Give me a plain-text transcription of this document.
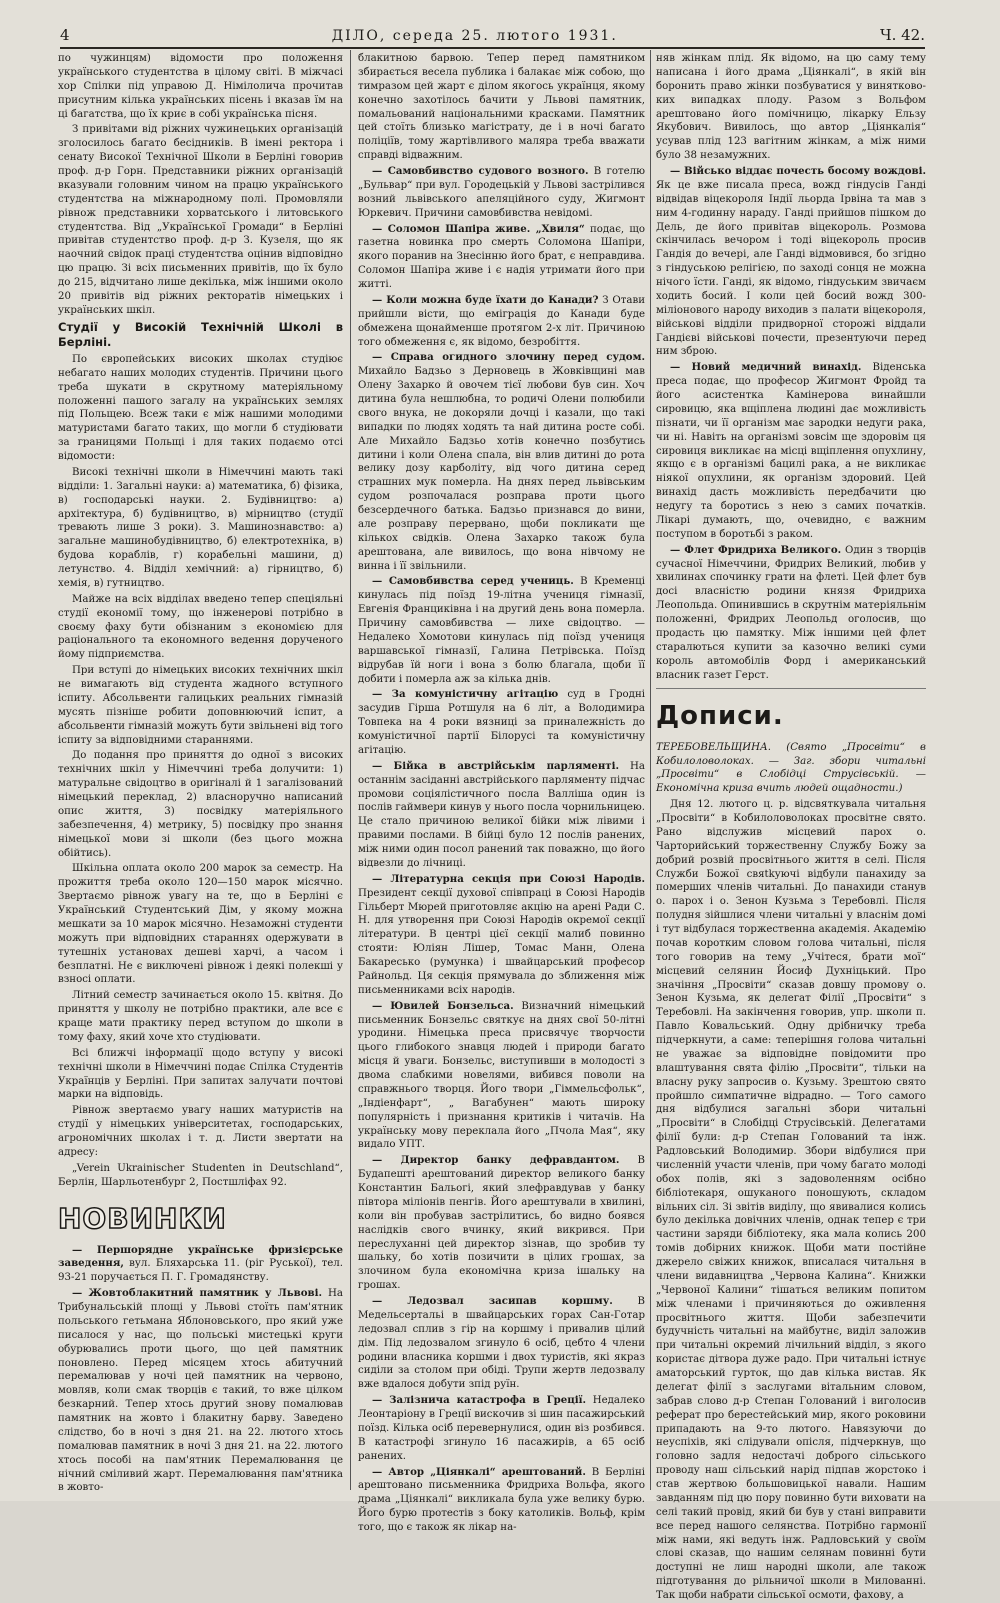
4	ДІЛО, середа 25. лютого 1931.	Ч. 42.

по чужинцям) відомости про положення українського студентства в цілому світі. В міжчасі хор Спілки під управою Д. Німілолича прочитав присутним кілька українських пісень і вказав їм на ці багатства, що їх криє в собі українська пісня.

З привітами від ріжних чужинецьких організацій зголосилось багато бесідників. В імені ректора і сенату Високої Технічної Школи в Берліні говорив проф. д-р Горн. Представники ріжних організацій вказували головним чином на працю українського студентства на міжнародному полі. Промовляли рівнож представники хорватського і литовського студентства. Від „Української Громади“ в Берліні привітав студентство проф. д-р З. Кузеля, що як наочний свідок праці студентства оцінив відповідно цю працю. Зі всіх письменних привітів, що їх було до 215, відчитано лише декілька, між іншими около 20 привітів від ріжних ректоратів німецьких і українських шкіл.

Студії у Високій Технічній Школі в Берліні.

По європейських високих школах студіює небагато наших молодих студентів. Причини цього треба шукати в скрутному матеріяльному положенні пашого загалу на українських землях під Польщею. Всеж таки є між нашими молодими матуристами багато таких, що могли б студіювати за границями Польщі і для таких подаємо отсі відомости:

Високі технічні школи в Німеччині мають такі відділи: 1. Загальні науки: а) математика, б) фізика, в) господарські науки. 2. Будівництво: а) архітектура, б) будівництво, в) мірництво (студії тревають лише 3 роки). 3. Машинознавство: а) загальне машинобудівництво, б) електротехніка, в) будова кораблів, г) корабельні машини, д) летунство. 4. Відділ хемічний: а) гірництво, б) хемія, в) гутництво.

Майже на всіх відділах введено тепер спеціяльні студії економії тому, що інженерові потрібно в своєму фаху бути обізнаним з економією для раціонального та економного ведення дорученого йому підприємства.

При вступі до німецьких високих технічних шкіл не вимагають від студента жадного вступного іспиту. Абсольвенти галицьких реальних гімназій мусять пізніше робити доповнюючий іспит, а абсольвенти гімназій можуть бути звільнені від того іспиту за відповідними стараннями.

До подання про приняття до одної з високих технічних шкіл у Німеччині треба долучити: 1) матуральне свідоцтво в оригіналі й 1 загалізований німецький переклад, 2) власноручно написаний опис життя, 3) посвідку матеріяльного забезпечення, 4) метрику, 5) посвідку про знання німецької мови зі школи (без цього можна обійтись).

Шкільна оплата около 200 марок за семестр. На прожиття треба около 120—150 марок місячно. Звертаємо рівнож увагу на те, що в Берліні є Український Студентський Дім, у якому можна мешкати за 10 марок місячно. Незаможні студенти можуть при відповідних стараннях одержувати в тутешніх установах дешеві харчі, а часом і безплатні. Не є виключені рівнож і деякі полекші у взносі оплати.

Літний семестр зачинається около 15. квітня. До приняття у школу не потрібно практики, але все є краще мати практику перед вступом до школи в тому фаху, який хоче хто студіювати.

Всі ближчі інформації щодо вступу у високі технічні школи в Німеччині подає Спілка Студентів Українців у Берліні. При запитах залучати почтові марки на відповідь.

Рівнож звертаємо увагу наших матуристів на студії у німецьких університетах, господарських, агрономічних школах і т. д. Листи звертати на адресу:

„Verein Ukrainischer Studenten in Deutschland“, Берлін, Шарльотенбург 2, Постшліфах 92.

НОВИНКИ

— Першорядне українське фризієрське заведення, вул. Бляхарська 11. (ріг Руської), тел. 93-21 поручається П. Г. Громадянству.

— Жовтоблакитний памятник у Львові. На Трибунальській площі у Львові стоїть пам'ятник польського гетьмана Яблоновського, про який уже писалося у нас, що польські мистецькі круги обурювались проти цього, що цей памятник поновлено. Перед місяцем хтось абитучний перемалював у ночі цей памятник на червоно, мовляв, коли смак творців є такий, то вже цілком безкарний. Тепер хтось другий знову помалював памятник на жовто і блакитну барву. Заведено слідство, бо в ночі з дня 21. на 22. лютого хтось помалював памятник в ночі 3 дня 21. на 22. лютого хтось пособі на пам'ятник Перемалювання це нічний сміливий жарт. Перемалювання пам'ятника в жовто-

блакитною барвою. Тепер перед памятником збирається весела публика і балакає між собою, що тимразом цей жарт є ділом якогось українця, якому конечно захотілось бачити у Львові памятник, помальований національними красками. Памятник цей стоїть близько магістрату, де і в ночі багато поліціїв, тому жартівливого маляра треба вважати справді відважним.

— Самовбивство судового возного. В готелю „Бульвар“ при вул. Городецькій у Львові застрілився возний львівського апеляційного суду, Жигмонт Юркевич. Причини самовбивства невідомі.

— Соломон Шапіра живе. „Хвиля“ подає, що газетна новинка про смерть Соломона Шапіри, якого поранив на Знесінню його брат, є неправдива. Соломон Шапіра живе і є надія утримати його при житті.

— Коли можна буде їхати до Канади? З Отави прийшли вісти, що еміграція до Канади буде обмежена щонайменше протягом 2-х літ. Причиною того обмеження є, як відомо, безробіття.

— Справа огидного злочину перед судом. Михайло Бадзьо з Дерновець в Жовківщині мав Олену Захарко й овочем тієї любови був син. Хоч дитина була нешлюбна, то родичі Олени полюбили свого внука, не докоряли дочці і казали, що такі випадки по людях ходять та най дитина росте собі. Але Михайло Бадзьо хотів конечно позбутись дитини і коли Олена спала, він влив дитині до рота велику дозу карболіту, від чого дитина серед страшних мук померла. На днях перед львівським судом розпочалася розправа проти цього безсердечного батька. Бадзьо признався до вини, але розправу перервано, щоби покликати ще кількох свідків. Олена Захарко також була арештована, але вивилось, що вона нівчому не винна і її звільнили.

— Самовбивства серед учениць. В Кременці кинулась під поїзд 19-літна учениця гімназії, Евгенія Франциківна і на другий день вона померла. Причину самовбивства — лихе свідоцтво. — Недалеко Хомотови кинулась під поїзд учениця варшавської гімназії, Галина Петрівська. Поїзд відрубав їй ноги і вона з болю благала, щоби її добити і померла аж за кілька днів.

— За комуністичну агітацію суд в Гродні засудив Гірша Ротшуля на 6 літ, а Володимира Товпека на 4 роки вязниці за приналежність до комуністичної партії Білорусі та комуністичну агітацію.

— Бійка в австрійськім парляменті. На останнім засіданні австрійського парляменту підчас промови соціялістичного посла Валліша один із послів гаймвери кинув у нього посла чорнильницею. Це стало причиною великої бійки між лівими і правими послами. В бійці було 12 послів ранених, між ними один посол ранений так поважно, що його відвезли до лічниці.

— Літературна секція при Союзі Народів. Президент секції духової співпраці в Союзі Народів Гільберт Мюрей приготовляє акцію на арені Ради С. Н. для утворення при Союзі Народів окремої секції літератури. В центрі цієї секції малиб повинно стояти: Юліян Лішер, Томас Манн, Олена Бакаресько (румунка) і швайцарський професор Райнольд. Ця секція прямувала до зближення між письменниками всіх народів.

— Ювилей Бонзельса. Визначний німецький письменник Бонзельс святкує на днях свої 50-літні уродини. Німецька преса присвячує творчости цього глибокого знавця людей і природи багато місця й уваги. Бонзельс, виступивши в молодості з двома слабкими новелями, вибився поволи на справжнього творця. Його твори „Гіммельсфольк“, „Індіенфарт“, „ Вагабунен“ мають широку популярність і признання критиків і читачів. На українську мову переклала його „Пчола Мая“, яку видало УПТ.

— Директор банку дефравдантом. В Будапешті арештований директор великого банку Константин Бальогі, який злефравдував у банку півтора міліонів пенгів. Його арештували в хвилині, коли він пробував застрілитись, бо видно боявся наслідків свого вчинку, який викрився. При переслуханні цей директор зізнав, що зробив ту шальку, бо хотів позичити в цілих грошах, за злочином була економічна криза ішальку на грошах.

— Ледозвал засипав коршму. В Медельсертальі в швайцарських горах Сан-Готар ледозвал сплив з гір на коршму і привалив цілий дім. Під ледозвалом згинуло 6 осіб, цебто 4 члени родини власника коршми і двох туристів, які якраз сиділи за столом при обіді. Трупи жертв ледозвалу вже вдалося добути зпід руїн.

— Залізнича катастрофа в Греції. Недалеко Леонтаріону в Греції вискочив зі шин пасажирський поїзд. Кілька осіб перевернулися, один віз розбився. В катастрофі згинуло 16 пасажирів, а 65 осіб ранених.

— Автор „Ціянкалі“ арештований. В Берліні арештовано письменника Фридриха Вольфа, якого драма „Ціянкалі“ викликала була уже велику бурю. Його бурю протестів з боку католиків. Вольф, крім того, що є також як лікар на-

няв жінкам плід. Як відомо, на цю саму тему написана і його драма „Ціянкалі“, в якій він боронить право жінки позбуватися у винятково-ких випадках плоду. Разом з Вольфом арештовано його помічницю, лікарку Ельзу Якубович. Вивилось, що автор „Ціянкалія“ усував плід 123 вагітним жінкам, а між ними було 38 незамужних.

— Військо віддає почесть босому вождові. Як це вже писала преса, вожд гіндусів Ганді відвідав віцекороля Індії льорда Ірвіна та мав з ним 4-годинну нараду. Ганді прийшов пішком до Дель, де його привітав віцекороль. Розмова скінчилась вечором і тоді віцекороль просив Гандія до вечері, але Ганді відмовився, бо згідно з гіндуською релігією, по заході сонця не можна нічого їсти. Ганді, як відомо, гіндуським звичаєм ходить босий. І коли цей босий вожд 300-міліонового народу виходив з палати віцекороля, військові відділи придворної сторожі віддали Гандієві військові почести, презентуючи перед ним зброю.

— Новий медичний винахід. Віденська преса подає, що професор Жигмонт Фройд та його асистентка Камінерова винайшли сировицю, яка вщіплена людині дає можливість пізнати, чи її організм має зародки недуги рака, чи ні. Навіть на організмі зовсім ще здоровім ця сировиця викликає на місці вщіплення опухлину, якщо є в організмі бацилі рака, а не викликає ніякої опухлини, як організм здоровий. Цей винахід дасть можливість передбачити цю недугу та боротись з нею з самих початків. Лікарі думають, що, очевидно, є важним поступом в боротьбі з раком.

— Флет Фридриха Великого. Один з творців сучасної Німеччини, Фридрих Великий, любив у хвилинах спочинку грати на флеті. Цей флет був досі власністю родини князя Фридриха Леопольда. Опинившись в скрутнім матеріяльнім положенні, Фридрих Леопольд оголосив, що продасть цю памятку. Між іншими цей флет старалються купити за казочно великі суми король автомобілів Форд і американський власник газет Герст.

Дописи.

ТЕРЕБОВЕЛЬЩИНА. (Свято „Просвіти“ в Кобилоловолоках. — Заг. збори читальні „Просвіти“ в Слобідці Струсівській. — Економічна криза вчить людей ощадности.)

Дня 12. лютого ц. р. відсвяткувала читальня „Просвіти“ в Кобилоловолоках просвітне свято. Рано відслужив місцевий парох о. Чарторийський торжественну Службу Божу за добрий розвій просвітнього життя в селі. Після Служби Божої свяtkуючі відбули панахиду за померших членів читальні. До панахиди станув о. парох і о. Зенон Кузьма з Теребовлі. Після полудня зійшлися члени читальні у власнім домі і тут відбулася торжественна академія. Академію почав коротким словом голова читальні, після того говорив на тему „Учітеся, брати мої“ місцевий селянин Йосиф Духніцький. Про значіння „Просвіти“ сказав довшу промову о. Зенон Кузьма, як делегат Філії „Просвіти“ з Теребовлі. На закінчення говорив, упр. школи п. Павло Ковальський. Одну дрібничку треба підчеркнути, а саме: теперішня голова читальні не уважає за відповідне повідомити про влаштування свята філію „Просвіти“, тільки на власну руку запросив о. Кузьму. Зрештою свято пройшло симпатичне відрадно. — Того самого дня відбулися загальні збори читальні „Просвіти“ в Слобідці Струсівській. Делегатами філії були: д-р Степан Голований та інж. Радловський Володимир. Збори відбулися при численній участи членів, при чому багато молоді обох полів, які з задоволенням осібно бібліотекаря, ошуканого поношують, складом вільних сіл. Зі звітів виділу, що явивалися колись було декілька довічних членів, однак тепер є три частини заряди бібліотеку, яка мала колись 200 томів добірних книжок. Щоби мати постійне джерело свіжих книжок, вписалася читальня в члени видавництва „Червона Калина“. Книжки „Червоної Калини“ тішаться великим попитом між членами і причиняються до оживлення просвітнього життя. Щоби забезпечити будучність читальні на майбутнє, виділ заложив при читальні окремий лічильний відділ, з якого користає дітвора дуже радо. При читальні істнує аматорський гурток, що дав кілька вистав. Як делегат філії з заслугами вітальним словом, забрав слово д-р Степан Голований і виголосив реферат про берестейський мир, якого роковини припадають на 9-то лютого. Навязуючи до неуспіхів, які слідували опісля, підчеркнув, що головно задля недостачі доброго сільського проводу наш сільський нарід підпав жорстоко і став жертвою большовицької навали. Нашим завданням під цю пору повинно бути виховати на селі такий провід, який би був у стані виправити все перед нашого селянства. Потрібно гармонії між нами, які ведуть інж. Радловський у своїм слові сказав, що нашим селянам повинні бути доступні не лиш народні школи, але також підготування до рільничої школи в Милованні. Так щоби набрати сільської осмоти, фахову, а
